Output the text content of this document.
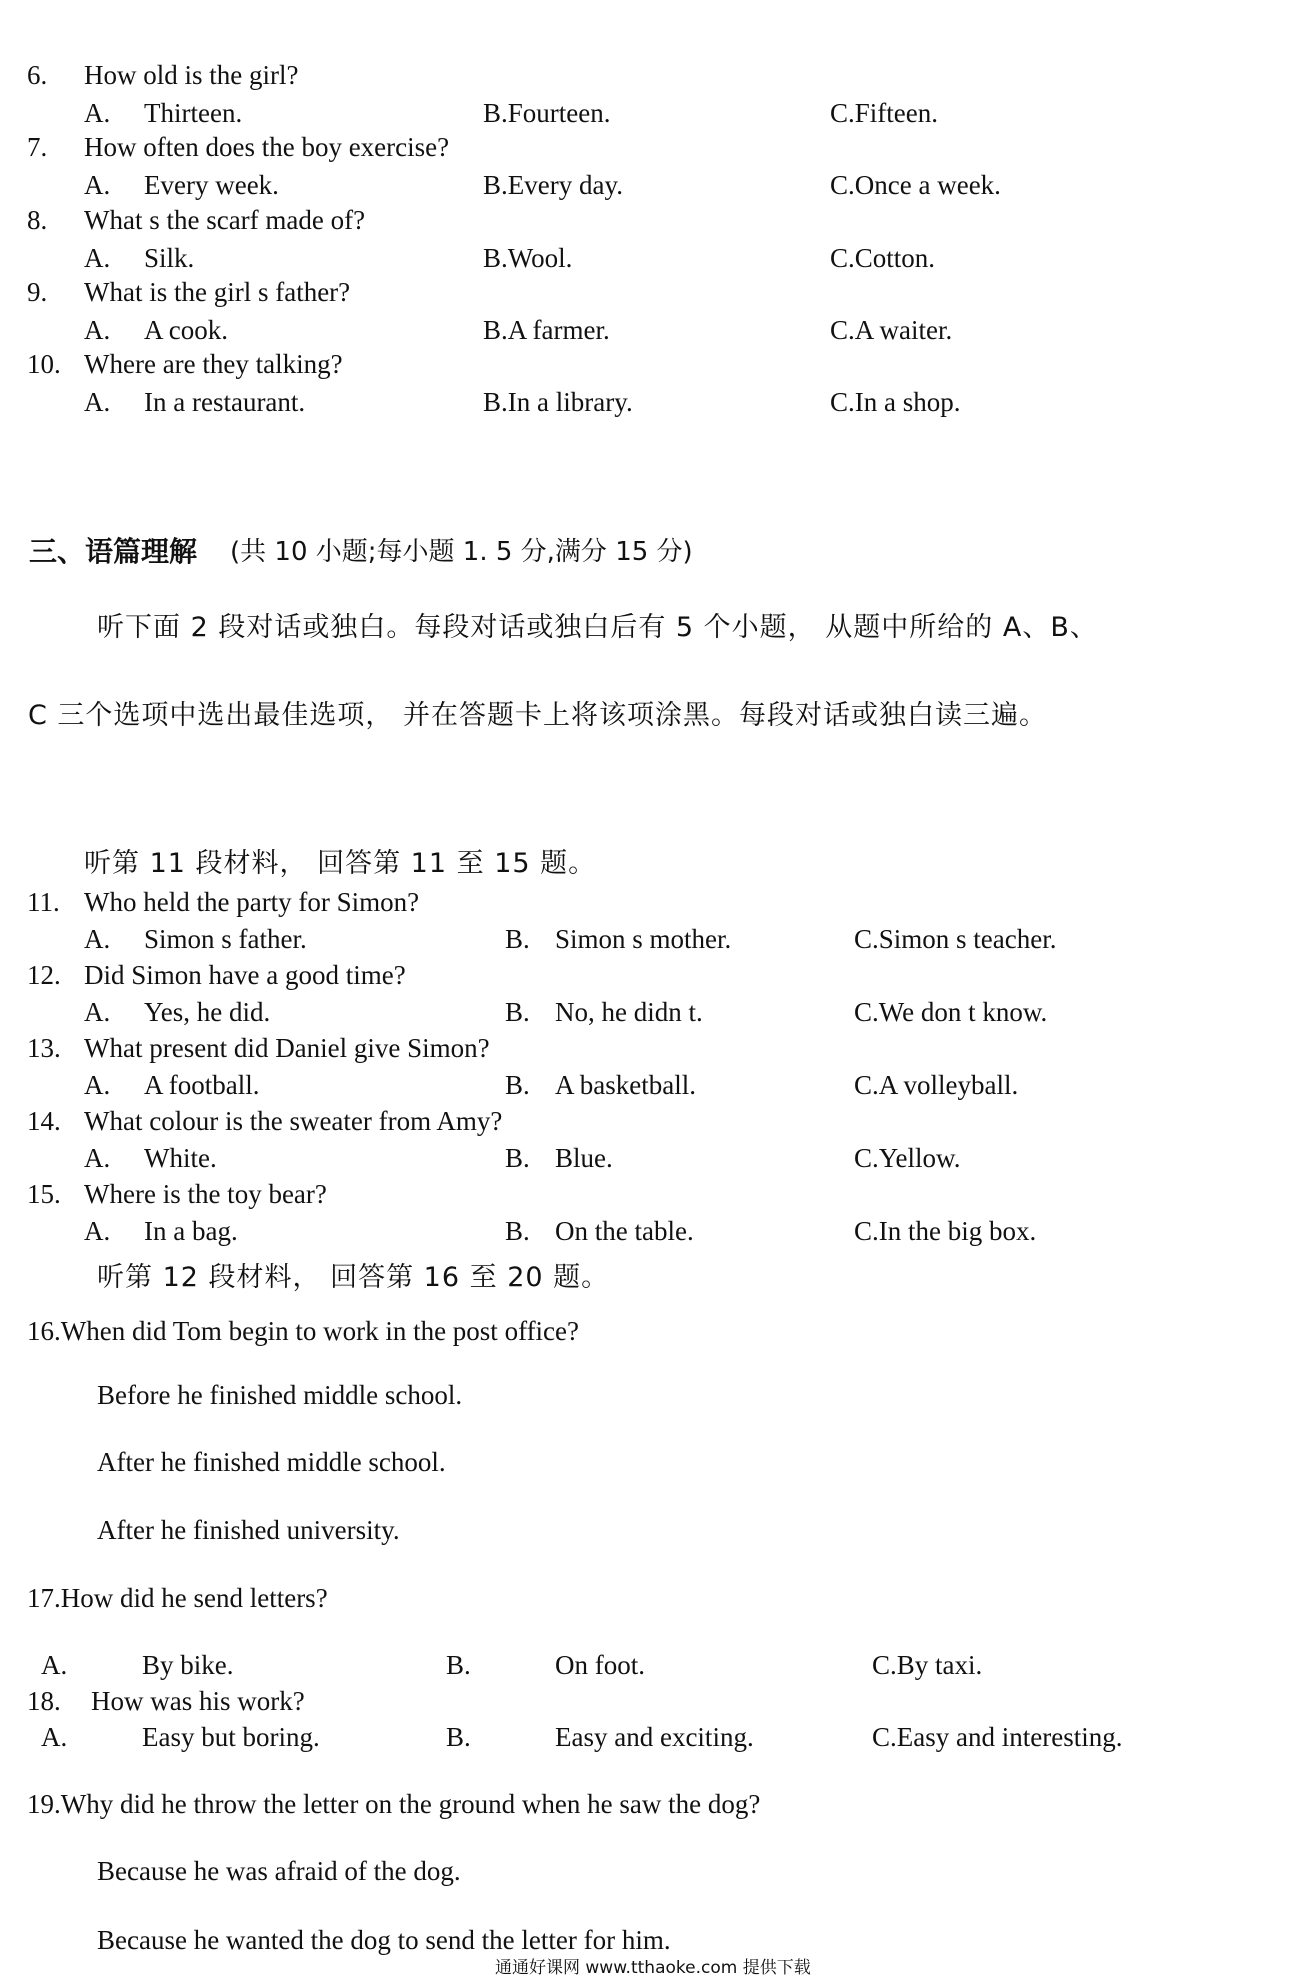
6. How old is the girl?
A. Thirteen.	B.Fourteen.	C.Fifteen.
7. How often does the boy exercise?
A. Every week.	B.Every day.	C.Once a week.
8. What s the scarf made of?
A. Silk.	B.Wool.	C.Cotton.
9. What is the girl s father?
A. A cook.	B.A farmer.	C.A waiter.
10. Where are they talking?
A. In a restaurant.	B.In a library.	C.In a shop.
三、语篇理解 (共 10 小题;每小题 1. 5 分,满分 15 分)
听下面 2 段对话或独白。每段对话或独白后有 5 个小题， 从题中所给的 A、B、
C 三个选项中选出最佳选项， 并在答题卡上将该项涂黑。每段对话或独白读三遍。
听第 11 段材料， 回答第 11 至 15 题。
11. Who held the party for Simon?
A. Simon s father.	B. Simon s mother.	C.Simon s teacher.
12. Did Simon have a good time?
A. Yes, he did.	B. No, he didn t.	C.We don t know.
13. What present did Daniel give Simon?
A. A football.	B. A basketball.	C.A volleyball.
14. What colour is the sweater from Amy?
A. White.	B. Blue.	C.Yellow.
15. Where is the toy bear?
A. In a bag.	B. On the table.	C.In the big box.
听第 12 段材料， 回答第 16 至 20 题。
16.When did Tom begin to work in the post office?
Before he finished middle school.
After he finished middle school.
After he finished university.
17.How did he send letters?
A.	By bike.	B.	On foot.	C.By taxi.
18. How was his work?
A.	Easy but boring.	B.	Easy and exciting.	C.Easy and interesting.
19.Why did he throw the letter on the ground when he saw the dog?
Because he was afraid of the dog.
Because he wanted the dog to send the letter for him.
通通好课网 www.tthaoke.com 提供下载
